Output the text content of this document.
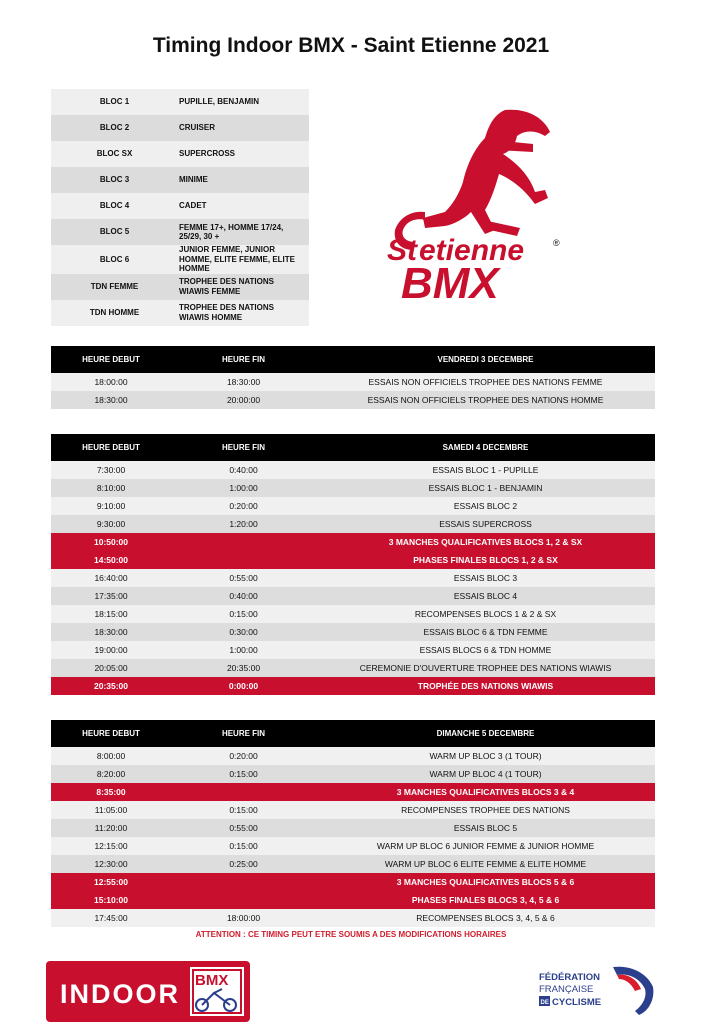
Timing Indoor BMX - Saint Etienne 2021
BLOC 1	PUPILLE, BENJAMIN
BLOC 2	CRUISER
BLOC SX	SUPERCROSS
BLOC 3	MINIME
BLOC 4	CADET
BLOC 5	FEMME 17+, HOMME 17/24, 25/29, 30 +
BLOC 6	JUNIOR FEMME, JUNIOR HOMME, ELITE FEMME, ELITE HOMME
TDN FEMME	TROPHEE DES NATIONS WIAWIS FEMME
TDN HOMME	TROPHEE DES NATIONS WIAWIS HOMME
St etienne	®
BMX
HEURE DEBUT	HEURE FIN	VENDREDI 3 DECEMBRE
18:00:00	18:30:00	ESSAIS NON OFFICIELS TROPHEE DES NATIONS FEMME
18:30:00	20:00:00	ESSAIS NON OFFICIELS TROPHEE DES NATIONS HOMME
HEURE DEBUT	HEURE FIN	SAMEDI 4 DECEMBRE
7:30:00	0:40:00	ESSAIS BLOC 1 - PUPILLE
8:10:00	1:00:00	ESSAIS BLOC 1 - BENJAMIN
9:10:00	0:20:00	ESSAIS BLOC 2
9:30:00	1:20:00	ESSAIS SUPERCROSS
10:50:00		3 MANCHES QUALIFICATIVES BLOCS 1, 2 & SX
14:50:00		PHASES FINALES BLOCS 1, 2 & SX
16:40:00	0:55:00	ESSAIS BLOC 3
17:35:00	0:40:00	ESSAIS BLOC 4
18:15:00	0:15:00	RECOMPENSES BLOCS 1 & 2 & SX
18:30:00	0:30:00	ESSAIS BLOC 6 & TDN FEMME
19:00:00	1:00:00	ESSAIS BLOCS 6 & TDN HOMME
20:05:00	20:35:00	CEREMONIE D'OUVERTURE TROPHEE DES NATIONS WIAWIS
20:35:00	0:00:00	TROPHÉE DES NATIONS WIAWIS
HEURE DEBUT	HEURE FIN	DIMANCHE 5 DECEMBRE
8:00:00	0:20:00	WARM UP BLOC 3 (1 TOUR)
8:20:00	0:15:00	WARM UP BLOC 4 (1 TOUR)
8:35:00		3 MANCHES QUALIFICATIVES BLOCS 3 & 4
11:05:00	0:15:00	RECOMPENSES TROPHEE DES NATIONS
11:20:00	0:55:00	ESSAIS BLOC 5
12:15:00	0:15:00	WARM UP BLOC 6 JUNIOR FEMME & JUNIOR HOMME
12:30:00	0:25:00	WARM UP BLOC 6 ELITE FEMME & ELITE HOMME
12:55:00		3 MANCHES QUALIFICATIVES BLOCS 5 & 6
15:10:00		PHASES FINALES BLOCS 3, 4, 5 & 6
17:45:00	18:00:00	RECOMPENSES BLOCS 3, 4, 5 & 6
ATTENTION : CE TIMING PEUT ETRE SOUMIS A DES MODIFICATIONS HORAIRES
INDOOR BMX	FÉDÉRATION
FRANÇAISE
DE CYCLISME
